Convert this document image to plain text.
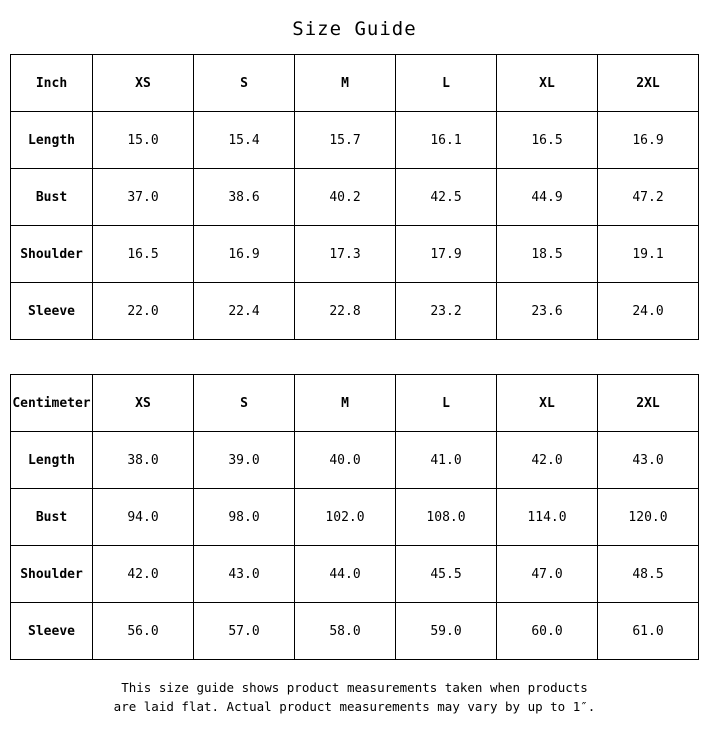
Size Guide
Inch	XS	S	M	L	XL	2XL
Length	15.0	15.4	15.7	16.1	16.5	16.9
Bust	37.0	38.6	40.2	42.5	44.9	47.2
Shoulder	16.5	16.9	17.3	17.9	18.5	19.1
Sleeve	22.0	22.4	22.8	23.2	23.6	24.0
Centimeter	XS	S	M	L	XL	2XL
Length	38.0	39.0	40.0	41.0	42.0	43.0
Bust	94.0	98.0	102.0	108.0	114.0	120.0
Shoulder	42.0	43.0	44.0	45.5	47.0	48.5
Sleeve	56.0	57.0	58.0	59.0	60.0	61.0
This size guide shows product measurements taken when products
are laid flat. Actual product measurements may vary by up to 1″.
